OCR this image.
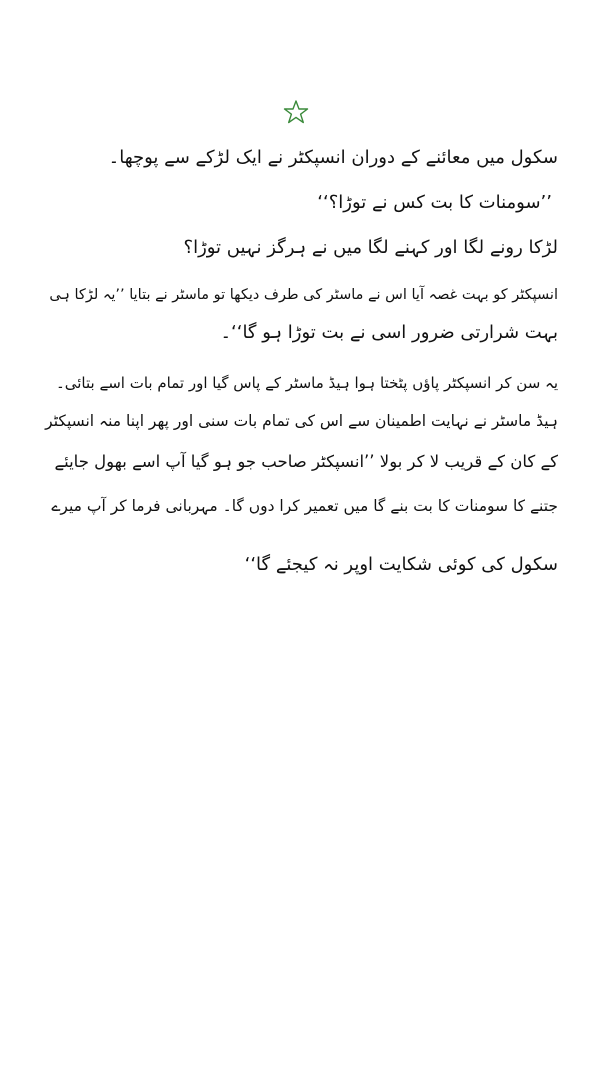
سکول میں معائنے کے دوران انسپکٹر نے ایک لڑکے سے پوچھا۔
’’سومنات کا بت کس نے توڑا؟‘‘
لڑکا رونے لگا اور کہنے لگا میں نے ہرگز نہیں توڑا؟
انسپکٹر کو بہت غصہ آیا اس نے ماسٹر کی طرف دیکھا تو ماسٹر نے بتایا ’’یہ لڑکا ہی
بہت شرارتی ضرور اسی نے بت توڑا ہو گا‘‘۔
یہ سن کر انسپکٹر پاؤں پٹختا ہوا ہیڈ ماسٹر کے پاس گیا اور تمام بات اسے بتائی۔
ہیڈ ماسٹر نے نہایت اطمینان سے اس کی تمام بات سنی اور پھر اپنا منہ انسپکٹر
کے کان کے قریب لا کر بولا ’’انسپکٹر صاحب جو ہو گیا آپ اسے بھول جایئے
جتنے کا سومنات کا بت بنے گا میں تعمیر کرا دوں گا۔ مہربانی فرما کر آپ میرے
سکول کی کوئی شکایت اوپر نہ کیجئے گا‘‘
